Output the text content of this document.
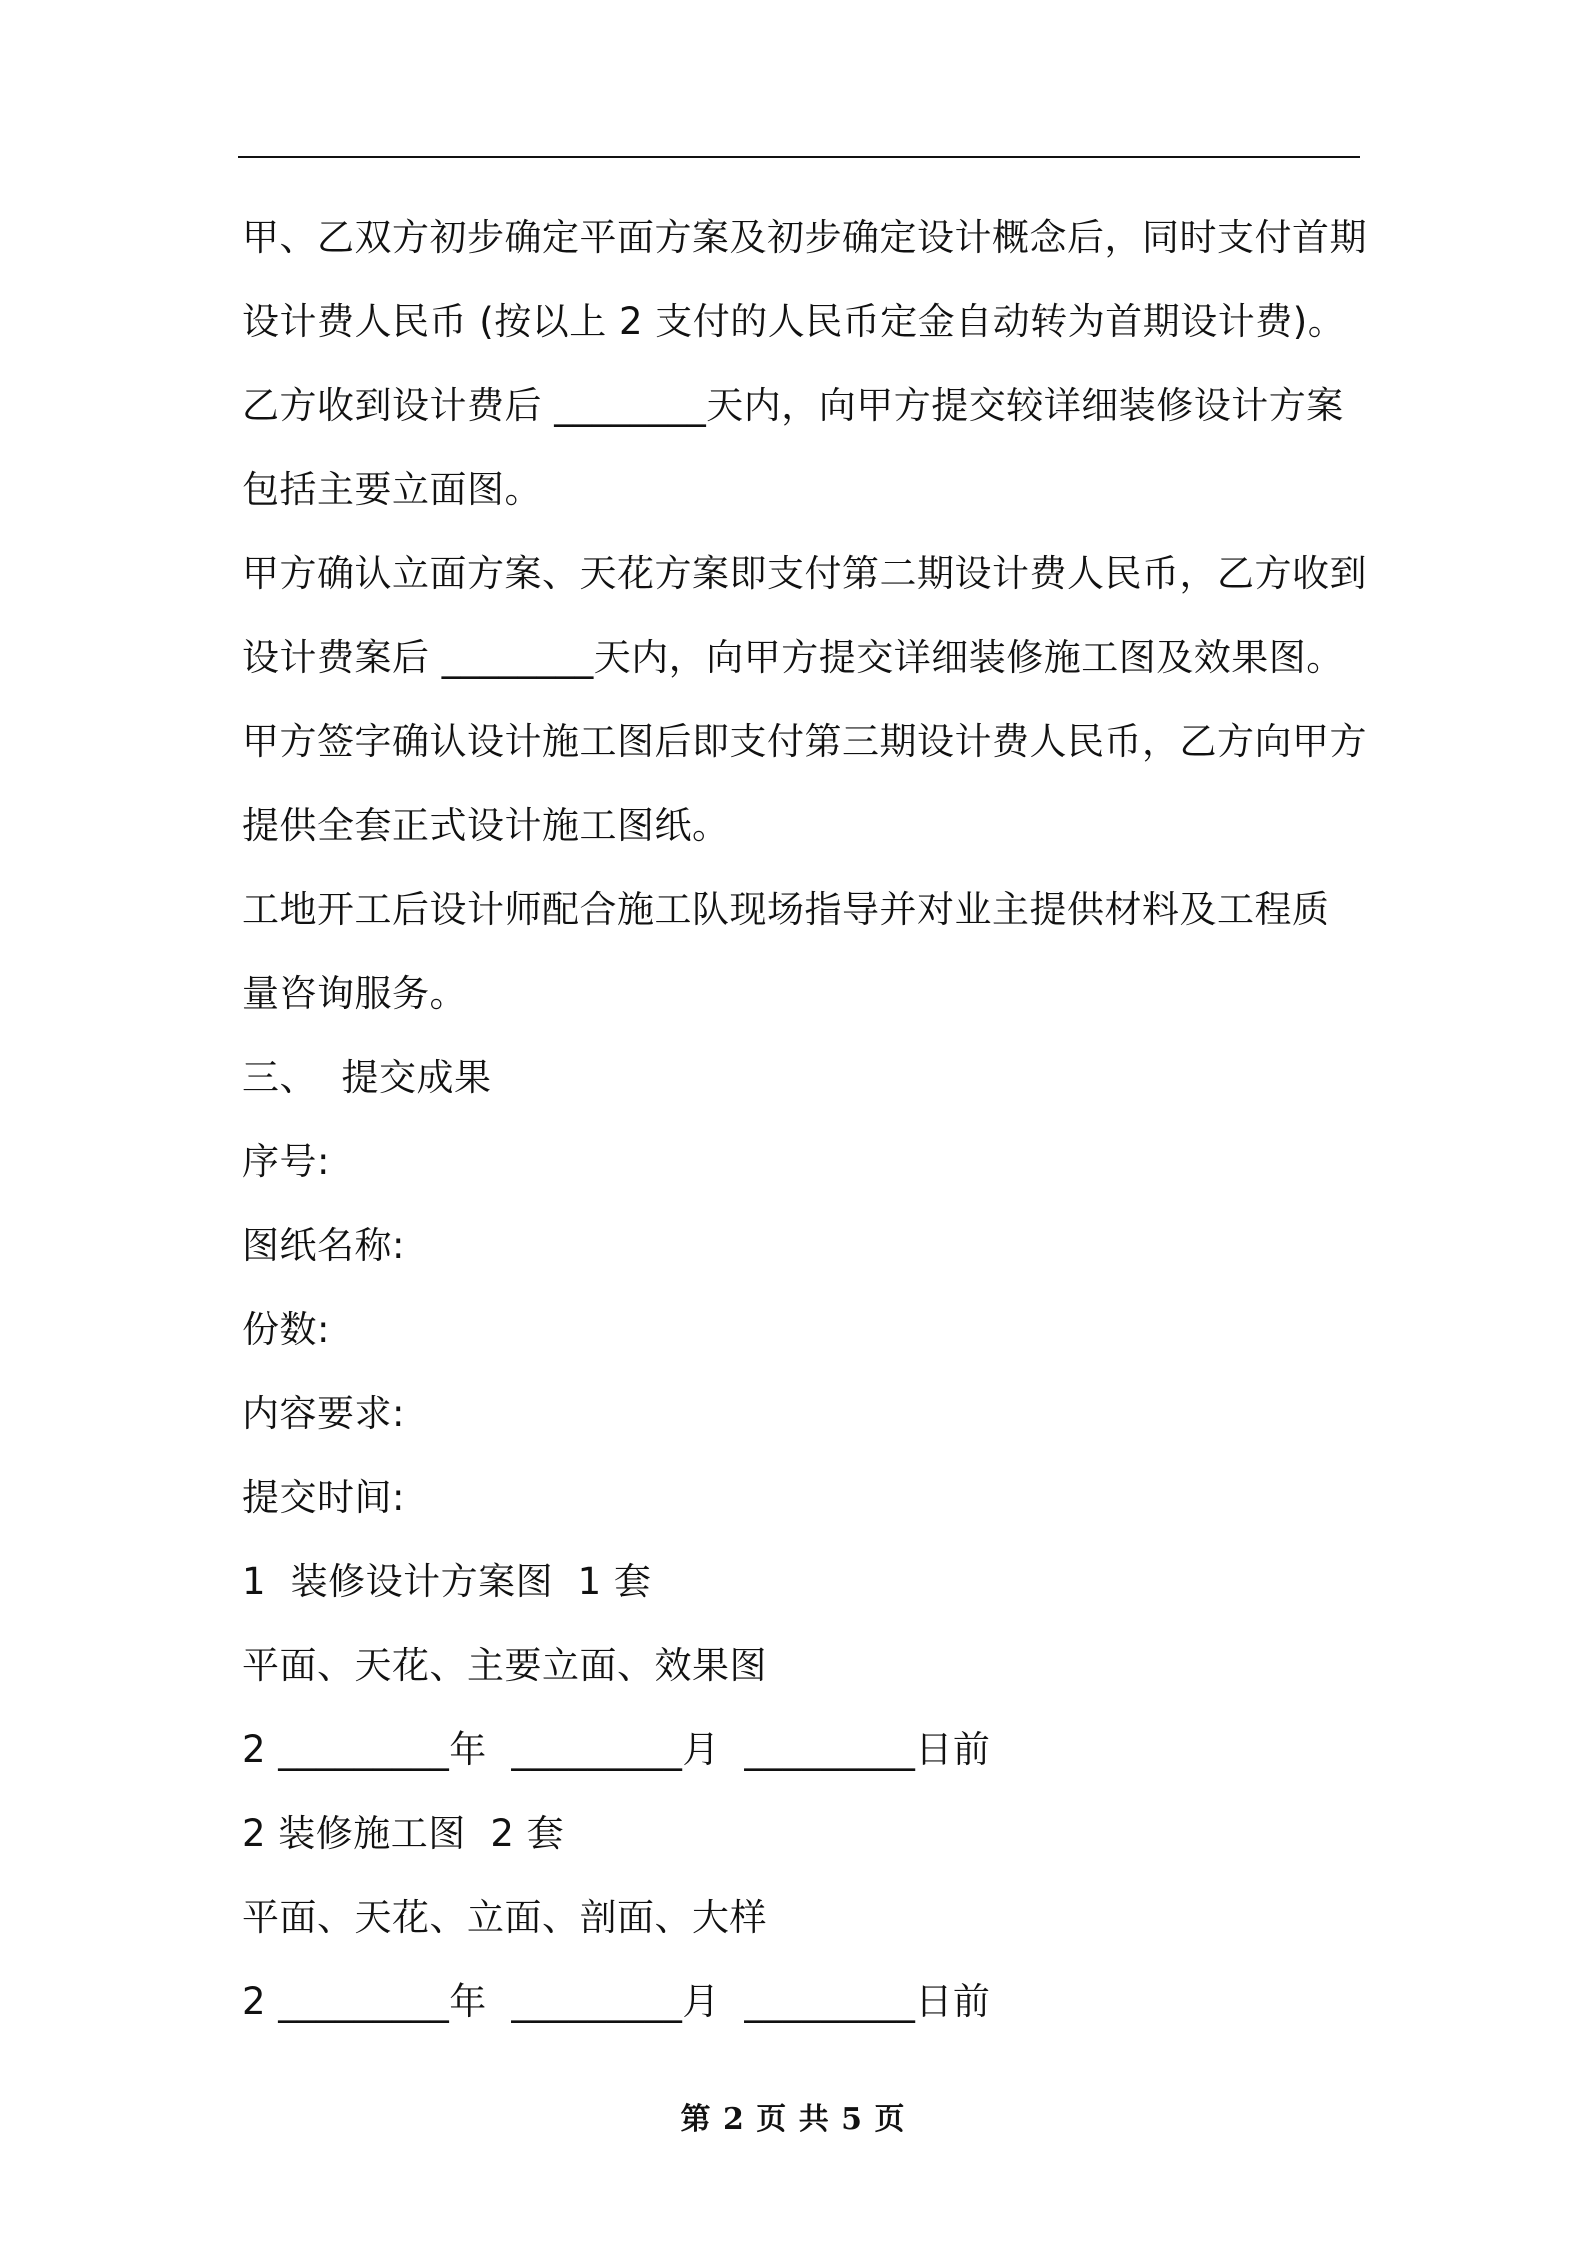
甲、乙双方初步确定平面方案及初步确定设计概念后，同时支付首期
设计费人民币 (按以上 2 支付的人民币定金自动转为首期设计费)。
乙方收到设计费后 ________天内，向甲方提交较详细装修设计方案
包括主要立面图。
甲方确认立面方案、天花方案即支付第二期设计费人民币，乙方收到
设计费案后 ________天内，向甲方提交详细装修施工图及效果图。
甲方签字确认设计施工图后即支付第三期设计费人民币，乙方向甲方
提供全套正式设计施工图纸。
工地开工后设计师配合施工队现场指导并对业主提供材料及工程质
量咨询服务。
三、  提交成果
序号:
图纸名称:
份数:
内容要求:
提交时间:
1  装修设计方案图  1 套
平面、天花、主要立面、效果图
2 _________年  _________月  _________日前
2 装修施工图  2 套
平面、天花、立面、剖面、大样
2 _________年  _________月  _________日前
第 2 页 共 5 页
